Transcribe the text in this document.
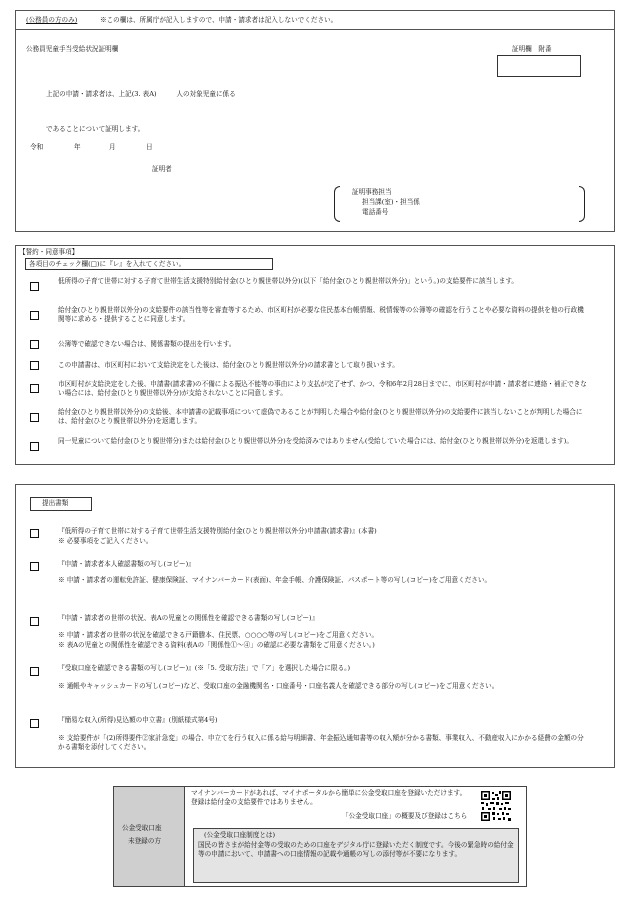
(公務員の方のみ)	※この欄は、所属庁が記入しますので、申請・請求者は記入しないでください。
公務員児童手当受給状況証明欄	証明欄　附番
上記の申請・請求者は、上記(3. 表A)　　　人の対象児童に係る
であることについて証明します。
令和	年	月	日
証明者
証明事務担当
担当課(室)・担当係
電話番号
【誓約・同意事項】
各項目のチェック欄(□)に『レ』を入れてください。
低所得の子育て世帯に対する子育て世帯生活支援特別給付金(ひとり親世帯以外分)(以下「給付金(ひとり親世帯以外分)」という。)の支給要件に該当します。
給付金(ひとり親世帯以外分)の支給要件の該当性等を審査等するため、市区町村が必要な住民基本台帳情報、税情報等の公簿等の確認を行うことや必要な資料の提供を他の行政機関等に求める・提供することに同意します。
公簿等で確認できない場合は、関係書類の提出を行います。
この申請書は、市区町村において支給決定をした後は、給付金(ひとり親世帯以外分)の請求書として取り扱います。
市区町村が支給決定をした後、申請書(請求書)の不備による振込不能等の事由により支払が完了せず、かつ、令和6年2月28日までに、市区町村が申請・請求者に連絡・補正できない場合には、給付金(ひとり親世帯以外分)が支給されないことに同意します。
給付金(ひとり親世帯以外分)の支給後、本申請書の記載事項について虚偽であることが判明した場合や給付金(ひとり親世帯以外分)の支給要件に該当しないことが判明した場合には、給付金(ひとり親世帯以外分)を返還します。
同一児童について給付金(ひとり親世帯分)または給付金(ひとり親世帯以外分)を受給済みではありません(受給していた場合には、給付金(ひとり親世帯以外分)を返還します)。
提出書類
『低所得の子育て世帯に対する子育て世帯生活支援特別給付金(ひとり親世帯以外分)申請書(請求書)』(本書)
※ 必要事項をご記入ください。
『申請・請求者本人確認書類の写し(コピー)』
※ 申請・請求者の運転免許証、健康保険証、マイナンバーカード(表面)、年金手帳、介護保険証、パスポート等の写し(コピー)をご用意ください。
『申請・請求者の世帯の状況、表Aの児童との関係性を確認できる書類の写し(コピー)』
※ 申請・請求者の世帯の状況を確認できる戸籍謄本、住民票、○○○○等の写し(コピー)をご用意ください。
※ 表Aの児童との関係性を確認できる資料(表Aの「関係性①～④」の確認に必要な書類をご用意ください。)
『受取口座を確認できる書類の写し(コピー)』(※「5. 受取方法」で「ア」を選択した場合に限る。)
※ 通帳やキャッシュカードの写し(コピー)など、受取口座の金融機関名・口座番号・口座名義人を確認できる部分の写し(コピー)をご用意ください。
『簡易な収入(所得)見込額の申立書』(別紙様式第4号)
※ 支給要件が「(2)所得要件②家計急変」の場合、申立てを行う収入に係る給与明細書、年金振込通知書等の収入額が分かる書類、事業収入、不動産収入にかかる経費の金額の分かる書類を添付してください。
公金受取口座
未登録の方
マイナンバーカードがあれば、マイナポータルから簡単に公金受取口座を登録いただけます。登録は給付金の支給要件ではありません。
「公金受取口座」の概要及び登録はこちら
(公金受取口座制度とは)
国民の皆さまが給付金等の受取のための口座をデジタル庁に登録いただく制度です。今後の緊急時の給付金等の申請において、申請書への口座情報の記載や通帳の写しの添付等が不要になります。
